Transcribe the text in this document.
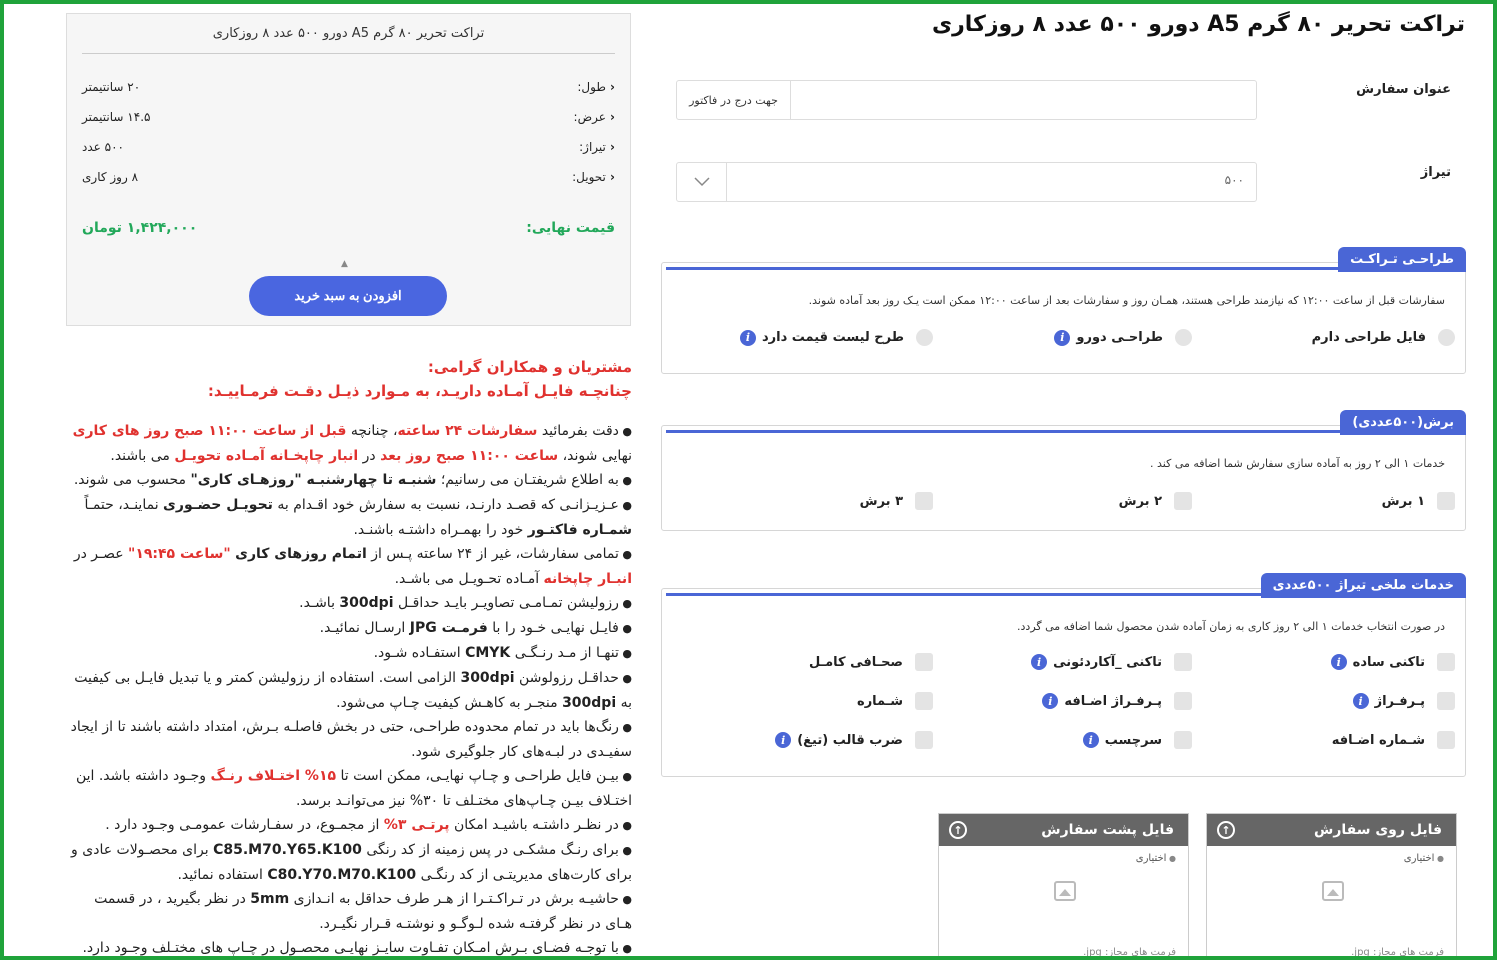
تراکت تحریر ۸۰ گرم A5 دورو ۵۰۰ عدد ۸ روزکاری
عنوان سفارش
جهت درج در فاکتور
تیراژ
۵۰۰
طراحـی تـراکـت
سفارشات قبل از ساعت ۱۲:۰۰ که نیازمند طراحی هستند، همـان روز و سفارشات بعد از ساعت ۱۲:۰۰ ممکن است یـک روز بعد آماده شوند.
فایل طراحی دارم
طراحـی دورو
i
طرح لیست قیمت دارد
i
برش(۵۰۰عددی)
خدمات ۱ الی ۲ روز به آماده سازی سفارش شما اضافه می کند .
۱ برش
۲ برش
۳ برش
خدمات ملخی تیراژ ۵۰۰عددی
در صورت انتخاب خدمات ۱ الی ۲ روز کاری به زمان آماده شدن محصول شما اضافه می گردد.
تاکنی ساده
i
تاکنی _آکاردئونی
i
صحـافی کامـل
پـرفـراژ
i
پـرفـراژ اضـافه
i
شـماره
شـماره اضـافه
سرچسب
i
ضرب قالب (تیغ)
i
فایل روی سفارش
↑
● اختیاری
فرمت های مجاز: jpg.
فایل پشت سفارش
↑
● اختیاری
فرمت های مجاز: jpg.
تراکت تحریر ۸۰ گرم A5 دورو ۵۰۰ عدد ۸ روزکاری
‹ طول:
۲۰ سانتیمتر
‹ عرض:
۱۴.۵ سانتیمتر
‹ تیراژ:
۵۰۰ عدد
‹ تحویل:
۸ روز کاری
قیمت نهایی:
۱,۴۲۴,۰۰۰ تومان
▲
افزودن به سبد خرید
مشتریان و همکاران گرامی:
چنانچـه فایـل آمـاده داریـد، به مـوارد ذیـل دقـت فرمـاییـد:
● دقت بفرمائید سفارشات ۲۴ ساعته، چنانچه قبل از ساعت ۱۱:۰۰ صبح روز های کاری نهایی شوند، ساعت ۱۱:۰۰ صبح روز بعد در انبار چاپخـانه آمـاده تحویـل می باشند.
● به اطلاع شریفتـان می رسانیم؛ شنبـه تا چهارشنبـه "روزهـای کاری" محسوب می شوند.
● عـزیـزانـی که قصـد دارنـد، نسبت به سفارش خود اقـدام به تحویـل حضـوری نماینـد، حتمـاً شمـاره فاکتـور خود را بهمـراه داشتـه باشنـد.
● تمامی سفارشات، غیر از ۲۴ ساعته پـس از اتمام روزهای کاری "ساعت ۱۹:۴۵" عصـر در انبـار چاپخانه آمـاده تحـویـل می باشـد.
● رزولیشن تمـامـی تصاویـر بایـد حداقـل 300dpi باشـد.
● فایـل نهایـی خـود را با فرمـت JPG ارسـال نمائیـد.
● تنهـا از مـد رنـگـی CMYK استفـاده شـود.
● حداقـل رزولوشن 300dpi الزامی است. استفاده از رزولیشن کمتر و یا تبدیل فایـل بی کیفیت به 300dpi منجـر به کاهـش کیفیت چـاپ می‌شود.
● رنگ‌ها باید در تمام محدوده طراحـی، حتی در بخش فاصلـه بـرش، امتداد داشته باشند تا از ایجاد سفیـدی در لبـه‌های کار جلوگیری شود.
● بیـن فایل طراحـی و چـاپ نهایـی، ممکن است تا ۱۵% اختـلاف رنـگ وجـود داشته باشد. این اختـلاف بیـن چـاپ‌های مختـلف تا ۳۰% نیز می‌توانـد برسد.
● در نظـر داشتـه باشیـد امکان پرتـی ۳% از مجمـوع، در سفـارشات عمومـی وجـود دارد .
● برای رنـگ مشکـی در پس زمینه از کد رنگی C85.M70.Y65.K100 برای محصـولات عادی و برای کارت‌های مدیریتـی از کد رنگـی C80.Y70.M70.K100 استفاده نمائید.
● حاشیـه برش در تـراکـتـرا از هـر طرف حداقل به انـدازی 5mm در نظر بگیرید ، در قسمت هـای در نظر گرفتـه شده لـوگـو و نوشتـه قـرار نگیـرد.
● با توجـه فضـای بـرش امـکان تفـاوت سایـز نهایـی محصـول در چـاپ های مختـلف وجـود دارد.
